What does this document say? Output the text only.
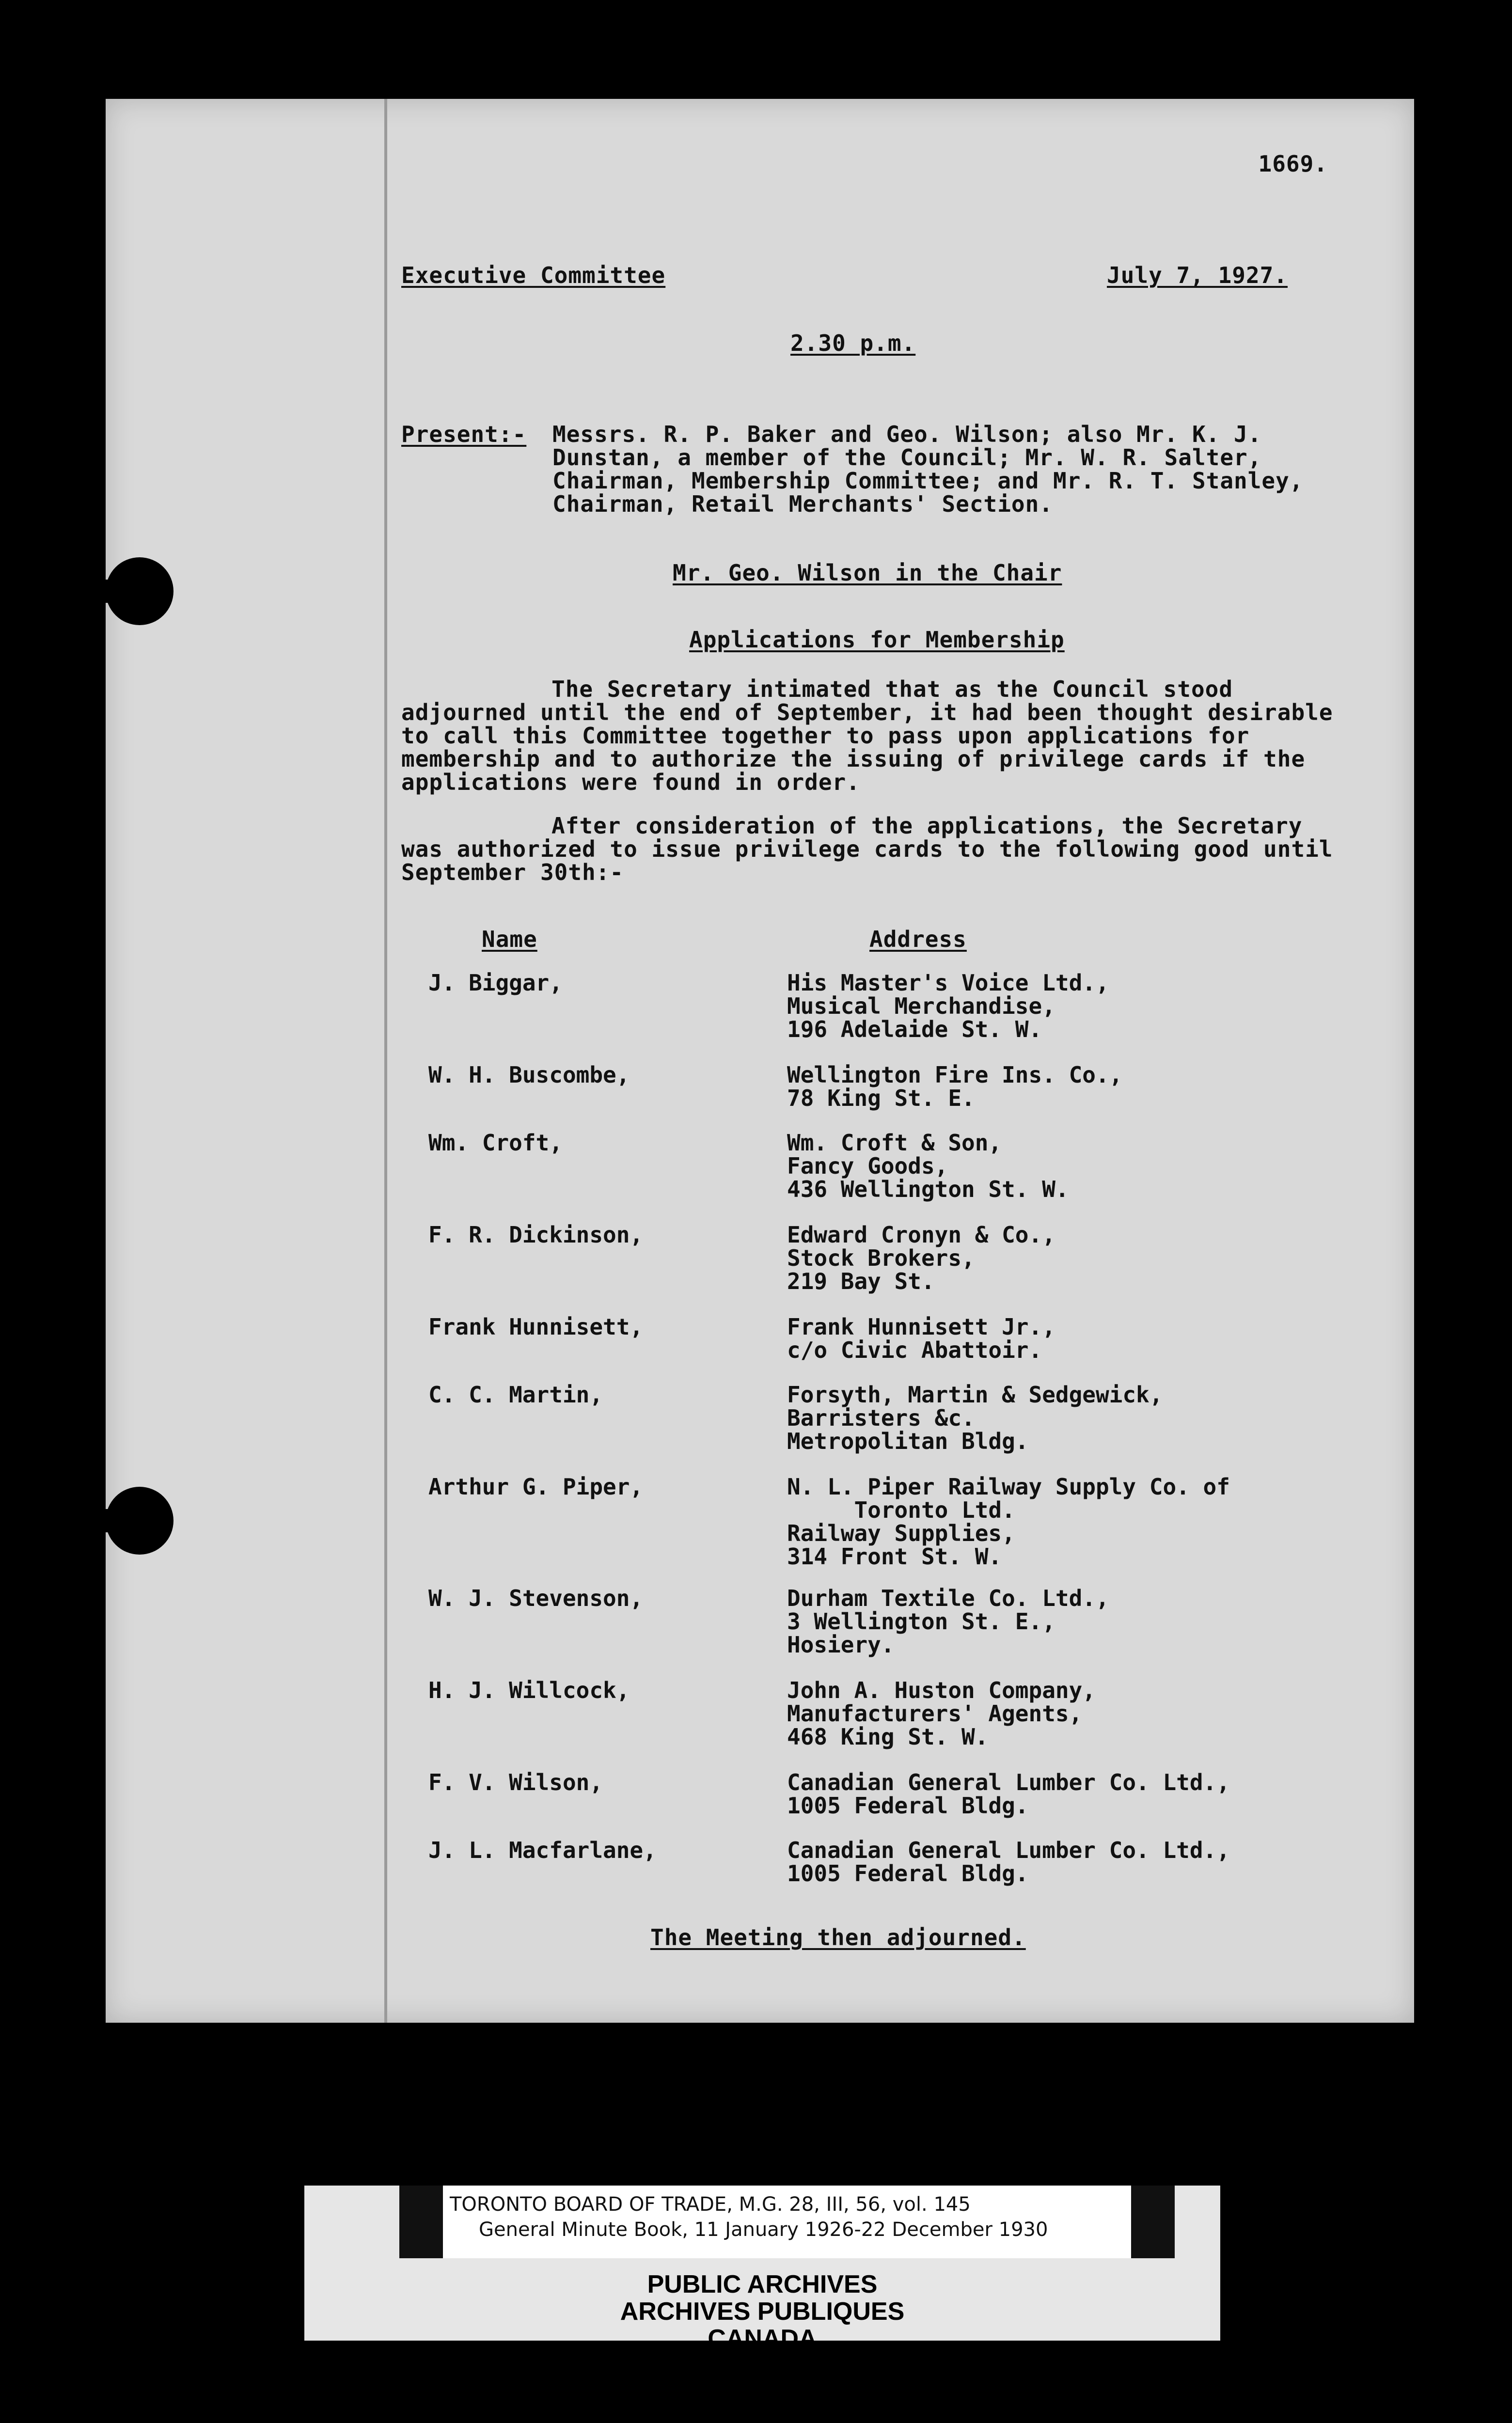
1669.

Executive Committee	July 7, 1927.

2.30 p.m.

Present:- Messrs. R. P. Baker and Geo. Wilson; also Mr. K. J. Dunstan, a member of the Council; Mr. W. R. Salter, Chairman, Membership Committee; and Mr. R. T. Stanley, Chairman, Retail Merchants' Section.

Mr. Geo. Wilson in the Chair

Applications for Membership

The Secretary intimated that as the Council stood adjourned until the end of September, it had been thought desirable to call this Committee together to pass upon applications for membership and to authorize the issuing of privilege cards if the applications were found in order.

After consideration of the applications, the Secretary was authorized to issue privilege cards to the following good until September 30th:-

Name	Address

J. Biggar,	His Master's Voice Ltd.,
Musical Merchandise,
196 Adelaide St. W.

W. H. Buscombe,	Wellington Fire Ins. Co.,
78 King St. E.

Wm. Croft,	Wm. Croft & Son,
Fancy Goods,
436 Wellington St. W.

F. R. Dickinson,	Edward Cronyn & Co.,
Stock Brokers,
219 Bay St.

Frank Hunnisett,	Frank Hunnisett Jr.,
c/o Civic Abattoir.

C. C. Martin,	Forsyth, Martin & Sedgewick,
Barristers &c.
Metropolitan Bldg.

Arthur G. Piper,	N. L. Piper Railway Supply Co. of
Toronto Ltd.
Railway Supplies,
314 Front St. W.

W. J. Stevenson,	Durham Textile Co. Ltd.,
3 Wellington St. E.,
Hosiery.

H. J. Willcock,	John A. Huston Company,
Manufacturers' Agents,
468 King St. W.

F. V. Wilson,	Canadian General Lumber Co. Ltd.,
1005 Federal Bldg.

J. L. Macfarlane,	Canadian General Lumber Co. Ltd.,
1005 Federal Bldg.

The Meeting then adjourned.

TORONTO BOARD OF TRADE, M.G. 28, III, 56, vol. 145

General Minute Book, 11 January 1926-22 December 1930

PUBLIC ARCHIVES

ARCHIVES PUBLIQUES

CANADA
